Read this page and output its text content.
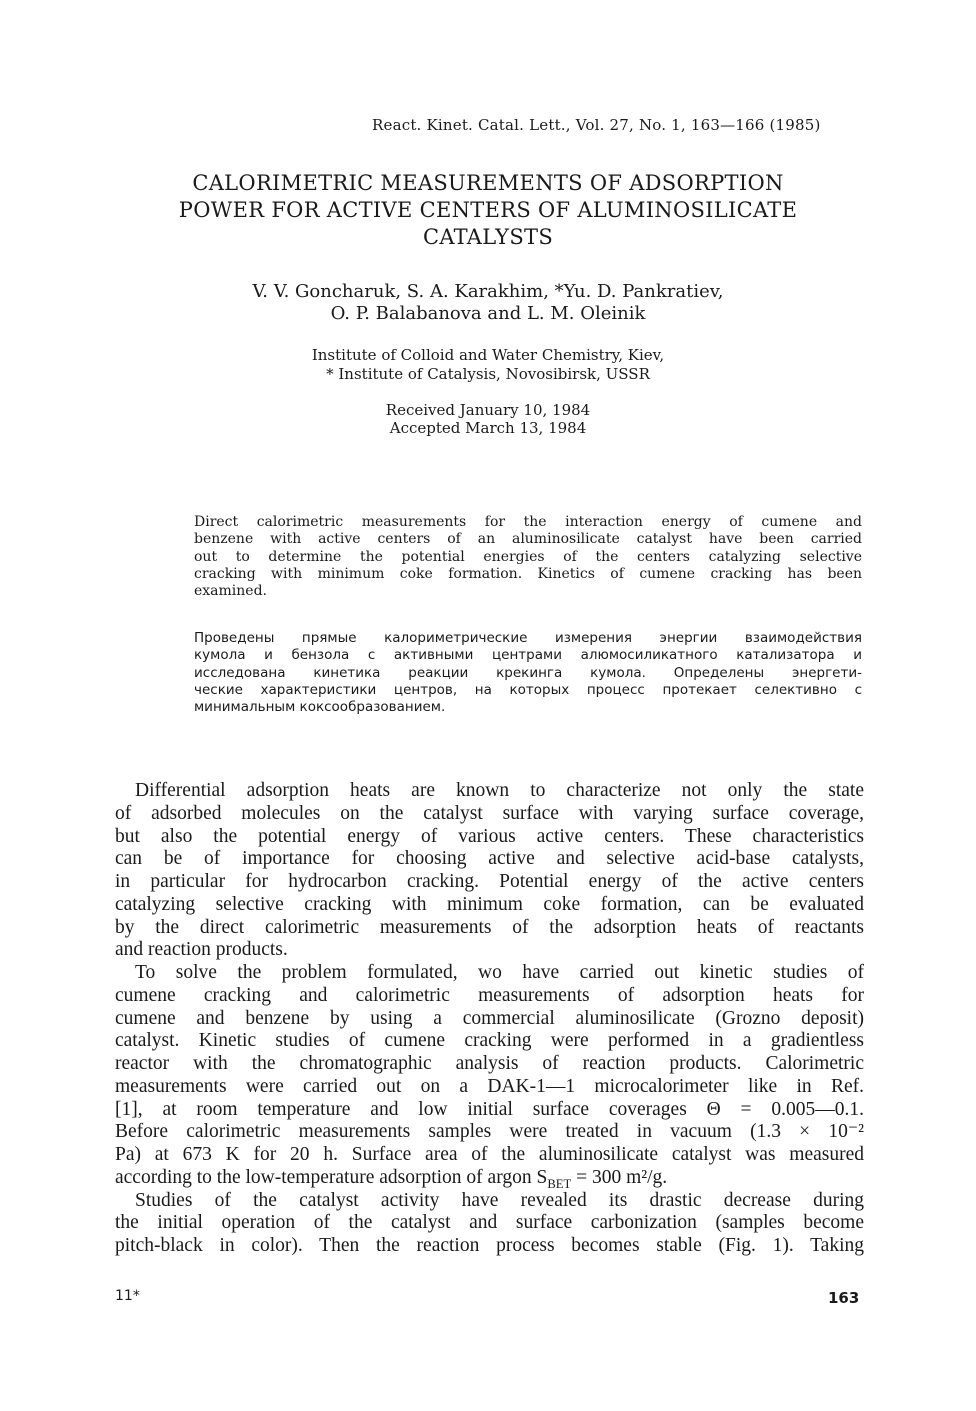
React. Kinet. Catal. Lett., Vol. 27, No. 1, 163—166 (1985)
CALORIMETRIC MEASUREMENTS OF ADSORPTION
POWER FOR ACTIVE CENTERS OF ALUMINOSILICATE
CATALYSTS
V. V. Goncharuk, S. A. Karakhim, *Yu. D. Pankratiev,
O. P. Balabanova and L. M. Oleinik
Institute of Colloid and Water Chemistry, Kiev,
* Institute of Catalysis, Novosibirsk, USSR
Received January 10, 1984
Accepted March 13, 1984
Direct calorimetric measurements for the interaction energy of cumene and
benzene with active centers of an aluminosilicate catalyst have been carried
out to determine the potential energies of the centers catalyzing selective
cracking with minimum coke formation. Kinetics of cumene cracking has been
examined.
Проведены прямые калориметрические измерения энергии взаимодействия
кумола и бензола с активными центрами алюмосиликатного катализатора и
исследована кинетика реакции крекинга кумола. Определены энергети-
ческие характеристики центров, на которых процесс протекает селективно с
минимальным коксообразованием.
Differential adsorption heats are known to characterize not only the state
of adsorbed molecules on the catalyst surface with varying surface coverage,
but also the potential energy of various active centers. These characteristics
can be of importance for choosing active and selective acid-base catalysts,
in particular for hydrocarbon cracking. Potential energy of the active centers
catalyzing selective cracking with minimum coke formation, can be evaluated
by the direct calorimetric measurements of the adsorption heats of reactants
and reaction products.
To solve the problem formulated, wo have carried out kinetic studies of
cumene cracking and calorimetric measurements of adsorption heats for
cumene and benzene by using a commercial aluminosilicate (Grozno deposit)
catalyst. Kinetic studies of cumene cracking were performed in a gradientless
reactor with the chromatographic analysis of reaction products. Calorimetric
measurements were carried out on a DAK-1—1 microcalorimeter like in Ref.
[1], at room temperature and low initial surface coverages Θ = 0.005—0.1.
Before calorimetric measurements samples were treated in vacuum (1.3 × 10⁻²
Pa) at 673 K for 20 h. Surface area of the aluminosilicate catalyst was measured
according to the low-temperature adsorption of argon $S_{BET} = 300$ m²/g.
Studies of the catalyst activity have revealed its drastic decrease during
the initial operation of the catalyst and surface carbonization (samples become
pitch-black in color). Then the reaction process becomes stable (Fig. 1). Taking
11*	163
